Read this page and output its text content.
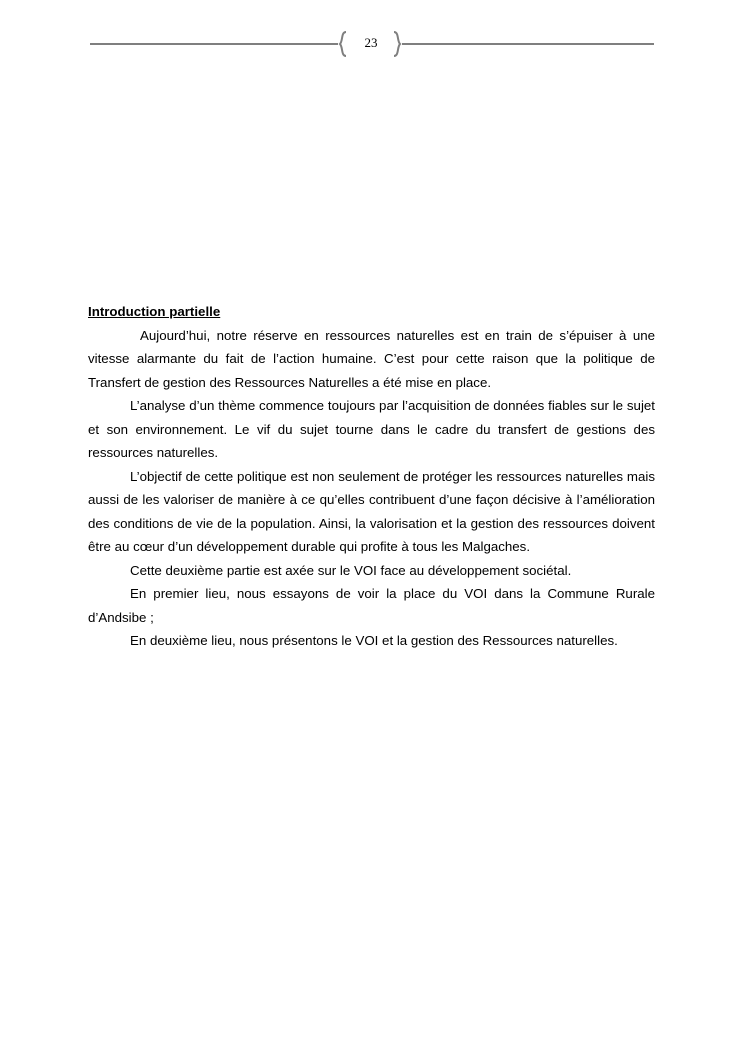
23

Introduction partielle

Aujourd’hui, notre réserve en ressources naturelles est en train de s’épuiser à une vitesse alarmante du fait de l’action humaine. C’est pour cette raison que la politique de Transfert de gestion des Ressources Naturelles a été mise en place.

L’analyse d’un thème commence toujours par l’acquisition de données fiables sur le sujet et son environnement. Le vif du sujet tourne dans le cadre du transfert de gestions des ressources naturelles.

L’objectif de cette politique est non seulement de protéger les ressources naturelles mais aussi de les valoriser de manière à ce qu’elles contribuent d’une façon décisive à l’amélioration des conditions de vie de la population. Ainsi, la valorisation et la gestion des ressources doivent être au cœur d’un développement durable qui profite à tous les Malgaches.

Cette deuxième partie est axée sur le VOI face au développement sociétal.

En premier lieu, nous essayons de voir la place du VOI dans la Commune Rurale d’Andsibe ;

En deuxième lieu, nous présentons le VOI et la gestion des Ressources naturelles.
